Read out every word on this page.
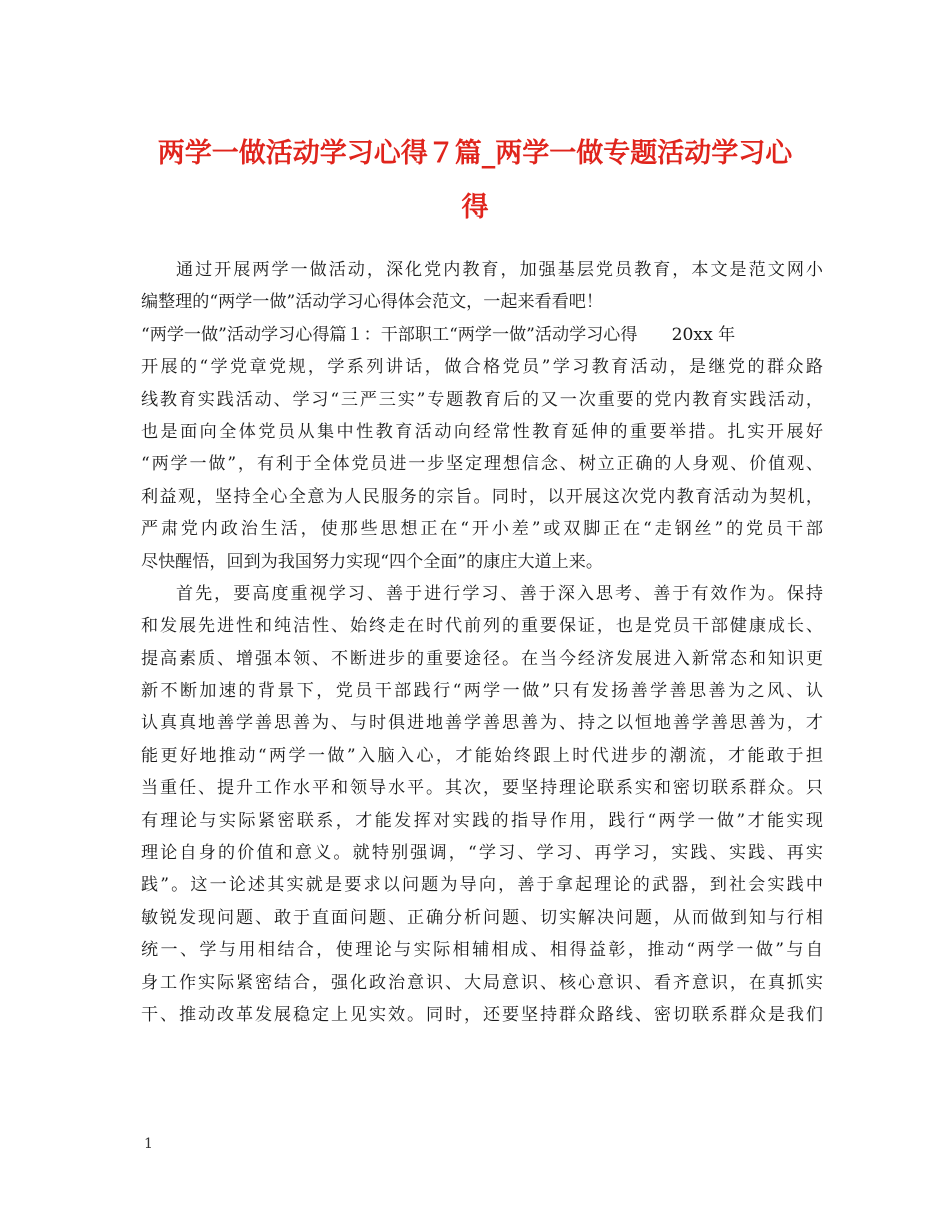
两学一做活动学习心得７篇_两学一做专题活动学习心
得
通过开展两学一做活动，深化党内教育，加强基层党员教育，本文是范文网小
编整理的“两学一做”活动学习心得体会范文，一起来看看吧！
“两学一做”活动学习心得篇１：干部职工“两学一做”活动学习心得　　20xx 年
开展的“学党章党规，学系列讲话，做合格党员”学习教育活动，是继党的群众路
线教育实践活动、学习“三严三实”专题教育后的又一次重要的党内教育实践活动，
也是面向全体党员从集中性教育活动向经常性教育延伸的重要举措。扎实开展好
“两学一做”，有利于全体党员进一步坚定理想信念、树立正确的人身观、价值观、
利益观，坚持全心全意为人民服务的宗旨。同时，以开展这次党内教育活动为契机，
严肃党内政治生活，使那些思想正在“开小差”或双脚正在“走钢丝”的党员干部
尽快醒悟，回到为我国努力实现“四个全面”的康庄大道上来。
首先，要高度重视学习、善于进行学习、善于深入思考、善于有效作为。保持
和发展先进性和纯洁性、始终走在时代前列的重要保证，也是党员干部健康成长、
提高素质、增强本领、不断进步的重要途径。在当今经济发展进入新常态和知识更
新不断加速的背景下，党员干部践行“两学一做”只有发扬善学善思善为之风、认
认真真地善学善思善为、与时俱进地善学善思善为、持之以恒地善学善思善为，才
能更好地推动“两学一做”入脑入心，才能始终跟上时代进步的潮流，才能敢于担
当重任、提升工作水平和领导水平。其次，要坚持理论联系实和密切联系群众。只
有理论与实际紧密联系，才能发挥对实践的指导作用，践行“两学一做”才能实现
理论自身的价值和意义。就特别强调，“学习、学习、再学习，实践、实践、再实
践”。这一论述其实就是要求以问题为导向，善于拿起理论的武器，到社会实践中
敏锐发现问题、敢于直面问题、正确分析问题、切实解决问题，从而做到知与行相
统一、学与用相结合，使理论与实际相辅相成、相得益彰，推动“两学一做”与自
身工作实际紧密结合，强化政治意识、大局意识、核心意识、看齐意识，在真抓实
干、推动改革发展稳定上见实效。同时，还要坚持群众路线、密切联系群众是我们
1
